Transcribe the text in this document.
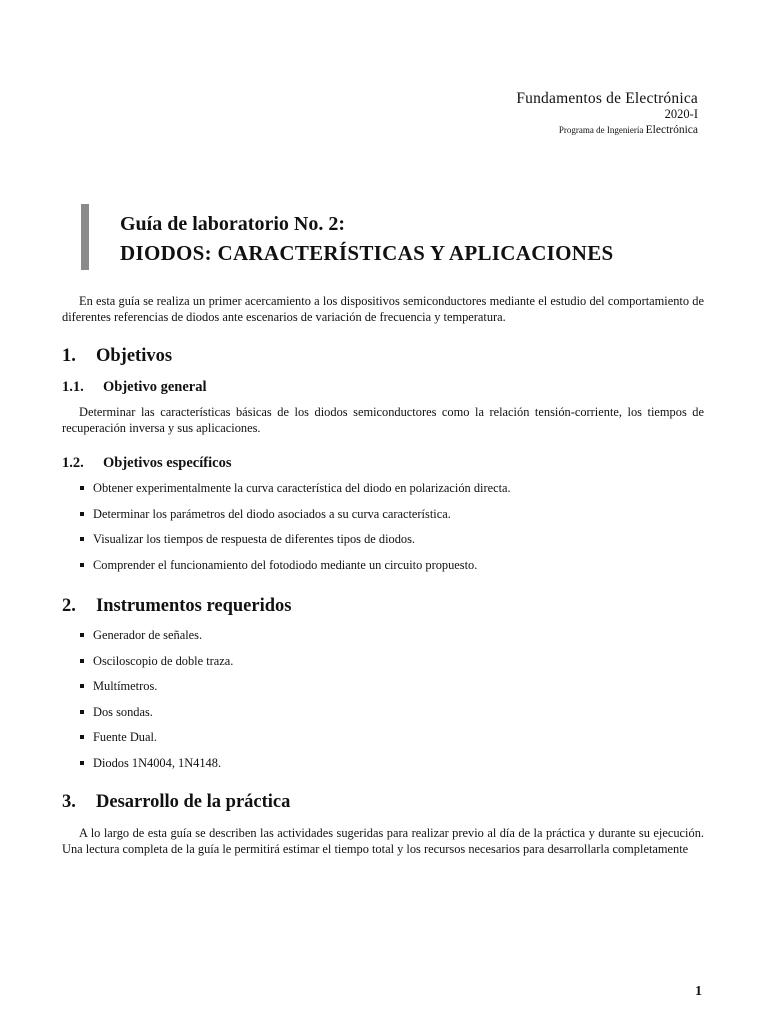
Fundamentos de Electrónica
2020-I
Programa de Ingeniería Electrónica
Guía de laboratorio No. 2:
DIODOS: CARACTERÍSTICAS Y APLICACIONES
En esta guía se realiza un primer acercamiento a los dispositivos semiconductores mediante el estudio del comportamiento de diferentes referencias de diodos ante escenarios de variación de frecuencia y temperatura.
1. Objetivos
1.1. Objetivo general
Determinar las características básicas de los diodos semiconductores como la relación tensión-corriente, los tiempos de recuperación inversa y sus aplicaciones.
1.2. Objetivos específicos
Obtener experimentalmente la curva característica del diodo en polarización directa.
Determinar los parámetros del diodo asociados a su curva característica.
Visualizar los tiempos de respuesta de diferentes tipos de diodos.
Comprender el funcionamiento del fotodiodo mediante un circuito propuesto.
2. Instrumentos requeridos
Generador de señales.
Osciloscopio de doble traza.
Multímetros.
Dos sondas.
Fuente Dual.
Diodos 1N4004, 1N4148.
3. Desarrollo de la práctica
A lo largo de esta guía se describen las actividades sugeridas para realizar previo al día de la práctica y durante su ejecución. Una lectura completa de la guía le permitirá estimar el tiempo total y los recursos necesarios para desarrollarla completamente
1
